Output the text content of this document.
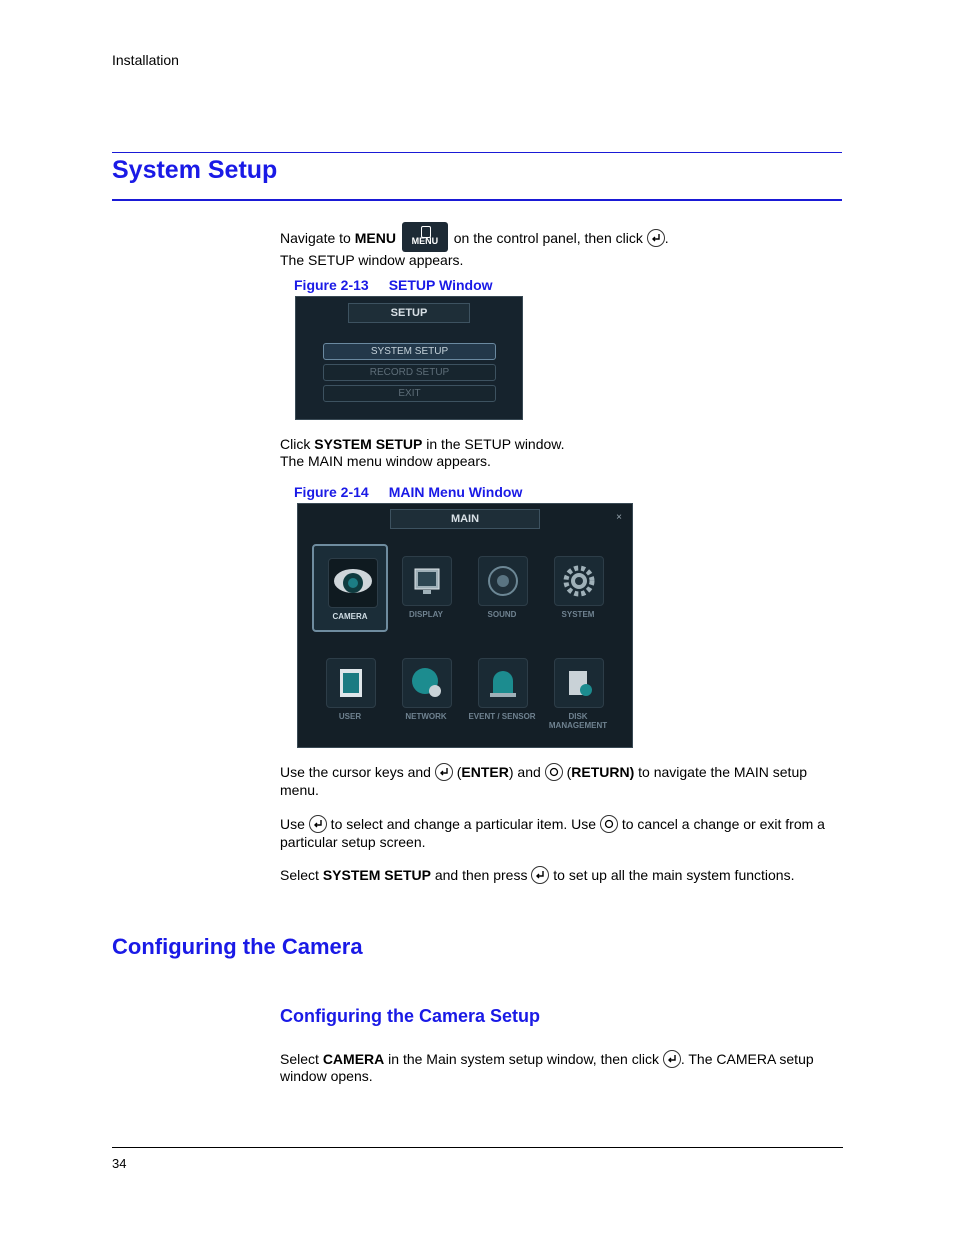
Installation
System Setup
Navigate to MENU	MENU on the control panel, then click
.
The SETUP window appears.
Figure 2-13 SETUP Window
SETUP
SYSTEM SETUP
RECORD SETUP
EXIT
Click SYSTEM SETUP in the SETUP window.
The MAIN menu window appears.
Figure 2-14 MAIN Menu Window
MAIN	×
CAMERA	DISPLAY	SOUND	SYSTEM
USER	NETWORK	EVENT / SENSOR	DISK MANAGEMENT
Use the cursor keys and
(ENTER) and
(RETURN) to navigate the MAIN setup menu.
Use
to select and change a particular item. Use
to cancel a change or exit from a particular setup screen.
Select SYSTEM SETUP and then press
to set up all the main system functions.
Configuring the Camera
Configuring the Camera Setup
Select CAMERA in the Main system setup window, then click
. The CAMERA setup window opens.
34
